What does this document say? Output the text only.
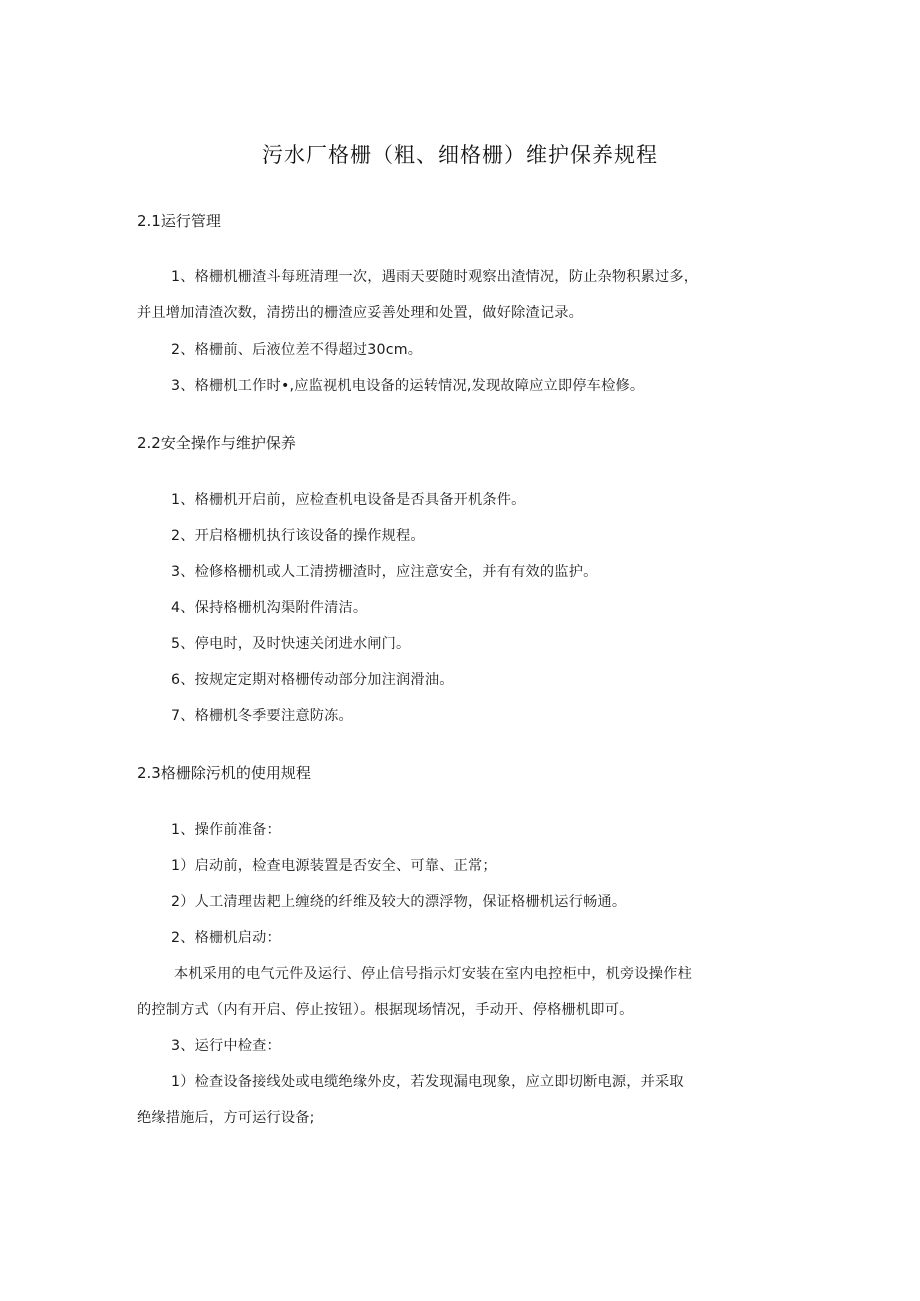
污水厂格栅（粗、细格栅）维护保养规程
2.1运行管理
1、格栅机栅渣斗每班清理一次，遇雨天要随时观察出渣情况，防止杂物积累过多，
并且增加清渣次数，清捞出的栅渣应妥善处理和处置，做好除渣记录。
2、格栅前、后液位差不得超过30cm。
3、格栅机工作时•,应监视机电设备的运转情况,发现故障应立即停车检修。
2.2安全操作与维护保养
1、格栅机开启前，应检查机电设备是否具备开机条件。
2、开启格栅机执行该设备的操作规程。
3、检修格栅机或人工清捞栅渣时，应注意安全，并有有效的监护。
4、保持格栅机沟渠附件清洁。
5、停电时，及时快速关闭进水闸门。
6、按规定定期对格栅传动部分加注润滑油。
7、格栅机冬季要注意防冻。
2.3格栅除污机的使用规程
1、操作前准备：
1）启动前，检查电源装置是否安全、可靠、正常；
2）人工清理齿耙上缠绕的纤维及较大的漂浮物，保证格栅机运行畅通。
2、格栅机启动：
本机采用的电气元件及运行、停止信号指示灯安装在室内电控柜中，机旁设操作柱
的控制方式（内有开启、停止按钮）。根据现场情况，手动开、停格栅机即可。
3、运行中检查：
1）检查设备接线处或电缆绝缘外皮，若发现漏电现象，应立即切断电源，并采取
绝缘措施后，方可运行设备;
